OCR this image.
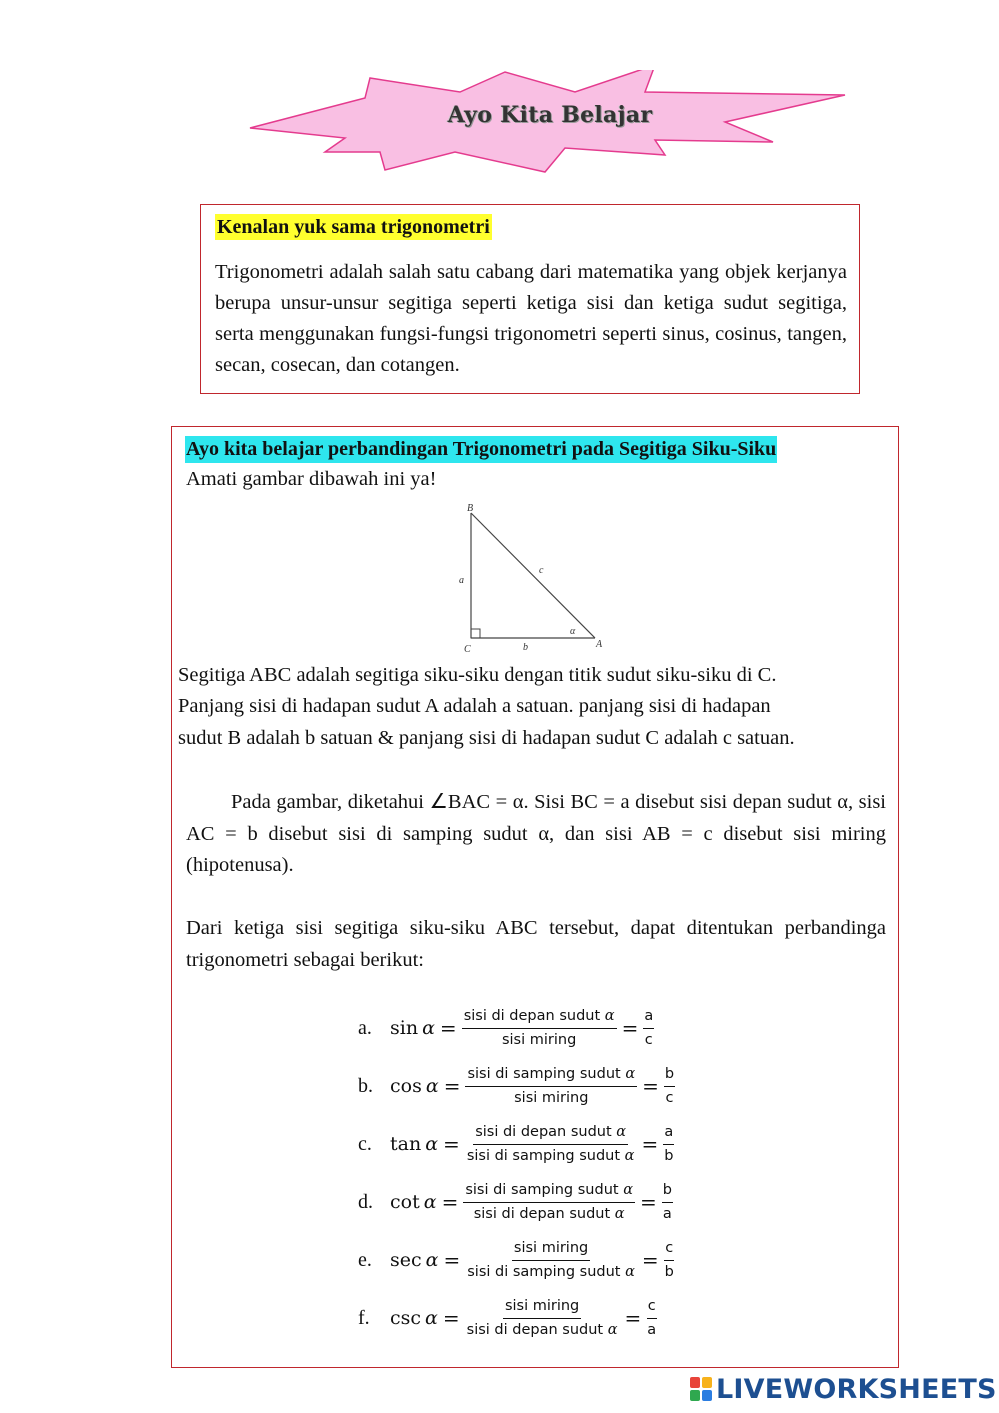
Ayo Kita Belajar
Kenalan yuk sama trigonometri

Trigonometri adalah salah satu cabang dari matematika yang objek kerjanya berupa unsur-unsur segitiga seperti ketiga sisi dan ketiga sudut segitiga, serta menggunakan fungsi-fungsi trigonometri seperti sinus, cosinus, tangen, secan, cosecan, dan cotangen.

Ayo kita belajar perbandingan Trigonometri pada Segitiga Siku-Siku

Amati gambar dibawah ini ya!

B
A
C
a
b
c
α

Segitiga ABC adalah segitiga siku-siku dengan titik sudut siku-siku di C.

Panjang sisi di hadapan sudut A adalah a satuan. panjang sisi di hadapan

sudut B adalah b satuan & panjang sisi di hadapan sudut C adalah c satuan.

Pada gambar, diketahui ∠BAC = α. Sisi BC = a disebut sisi depan sudut α, sisi AC = b disebut sisi di samping sudut α, dan sisi AB = c disebut sisi miring (hipotenusa).

Dari ketiga sisi segitiga siku-siku ABC tersebut, dapat ditentukan perbandinga trigonometri sebagai berikut:

a. $\sin \alpha = \frac{\text{sisi di depan sudut α}}{\text{sisi miring}} = \frac{a}{c}$
b. $\cos \alpha = \frac{\text{sisi di samping sudut α}}{\text{sisi miring}} = \frac{b}{c}$
c. $\tan \alpha = \frac{\text{sisi di depan sudut α}}{\text{sisi di samping sudut α}} = \frac{a}{b}$
d. $\cot \alpha = \frac{\text{sisi di samping sudut α}}{\text{sisi di depan sudut α}} = \frac{b}{a}$
e. $\sec \alpha = \frac{\text{sisi miring}}{\text{sisi di samping sudut α}} = \frac{c}{b}$
f.	$\csc \alpha = \frac{\text{sisi miring}}{\text{sisi di depan sudut α}} = \frac{c}{a}$
LIVEWORKSHEETS
